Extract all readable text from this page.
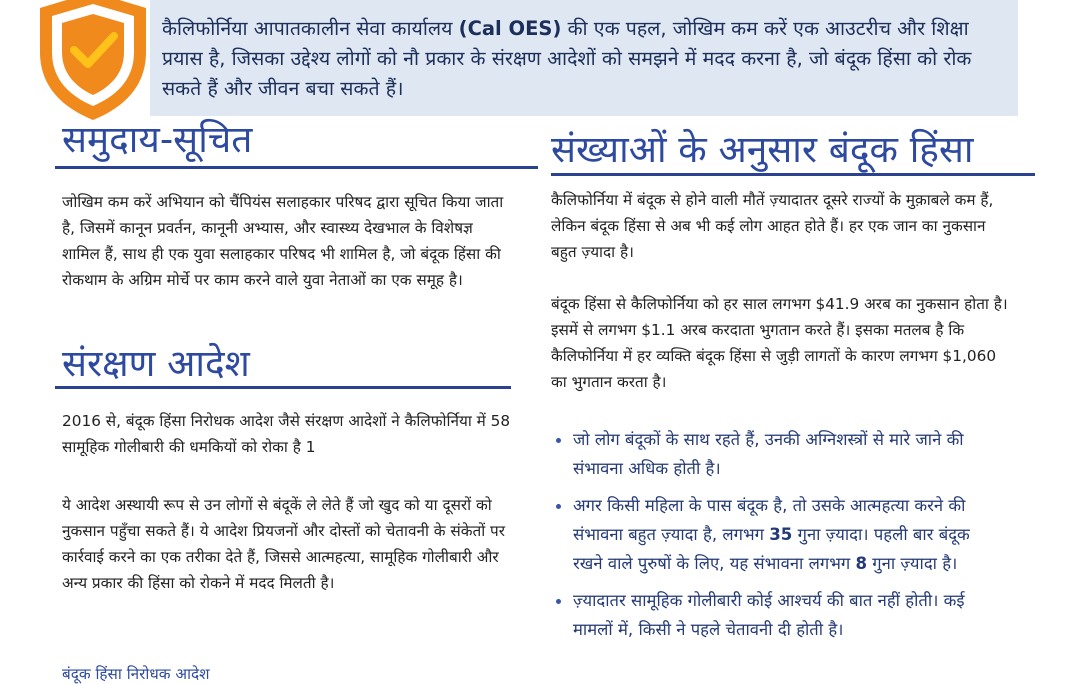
कैलिफोर्निया आपातकालीन सेवा कार्यालय (Cal OES) की एक पहल, जोखिम कम करें एक आउटरीच और शिक्षा प्रयास है, जिसका उद्देश्य लोगों को नौ प्रकार के संरक्षण आदेशों को समझने में मदद करना है, जो बंदूक हिंसा को रोक सकते हैं और जीवन बचा सकते हैं।
समुदाय-सूचित

जोखिम कम करें अभियान को चैंपियंस सलाहकार परिषद द्वारा सूचित किया जाता है, जिसमें कानून प्रवर्तन, कानूनी अभ्यास, और स्वास्थ्य देखभाल के विशेषज्ञ शामिल हैं, साथ ही एक युवा सलाहकार परिषद भी शामिल है, जो बंदूक हिंसा की रोकथाम के अग्रिम मोर्चे पर काम करने वाले युवा नेताओं का एक समूह है।

संरक्षण आदेश

2016 से, बंदूक हिंसा निरोधक आदेश जैसे संरक्षण आदेशों ने कैलिफोर्निया में 58 सामूहिक गोलीबारी की धमकियों को रोका है 1

ये आदेश अस्थायी रूप से उन लोगों से बंदूकें ले लेते हैं जो खुद को या दूसरों को नुकसान पहुँचा सकते हैं। ये आदेश प्रियजनों और दोस्तों को चेतावनी के संकेतों पर कार्रवाई करने का एक तरीका देते हैं, जिससे आत्महत्या, सामूहिक गोलीबारी और अन्य प्रकार की हिंसा को रोकने में मदद मिलती है।

बंदूक हिंसा निरोधक आदेश
संख्याओं के अनुसार बंदूक हिंसा

कैलिफोर्निया में बंदूक से होने वाली मौतें ज़्यादातर दूसरे राज्यों के मुक़ाबले कम हैं, लेकिन बंदूक हिंसा से अब भी कई लोग आहत होते हैं। हर एक जान का नुकसान बहुत ज़्यादा है।

बंदूक हिंसा से कैलिफोर्निया को हर साल लगभग $41.9 अरब का नुकसान होता है। इसमें से लगभग $1.1 अरब करदाता भुगतान करते हैं। इसका मतलब है कि कैलिफोर्निया में हर व्यक्ति बंदूक हिंसा से जुड़ी लागतों के कारण लगभग $1,060 का भुगतान करता है।

जो लोग बंदूकों के साथ रहते हैं, उनकी अग्निशस्त्रों से मारे जाने की संभावना अधिक होती है।
अगर किसी महिला के पास बंदूक है, तो उसके आत्महत्या करने की संभावना बहुत ज़्यादा है, लगभग 35 गुना ज़्यादा। पहली बार बंदूक रखने वाले पुरुषों के लिए, यह संभावना लगभग 8 गुना ज़्यादा है।
ज़्यादातर सामूहिक गोलीबारी कोई आश्चर्य की बात नहीं होती। कई मामलों में, किसी ने पहले चेतावनी दी होती है।
